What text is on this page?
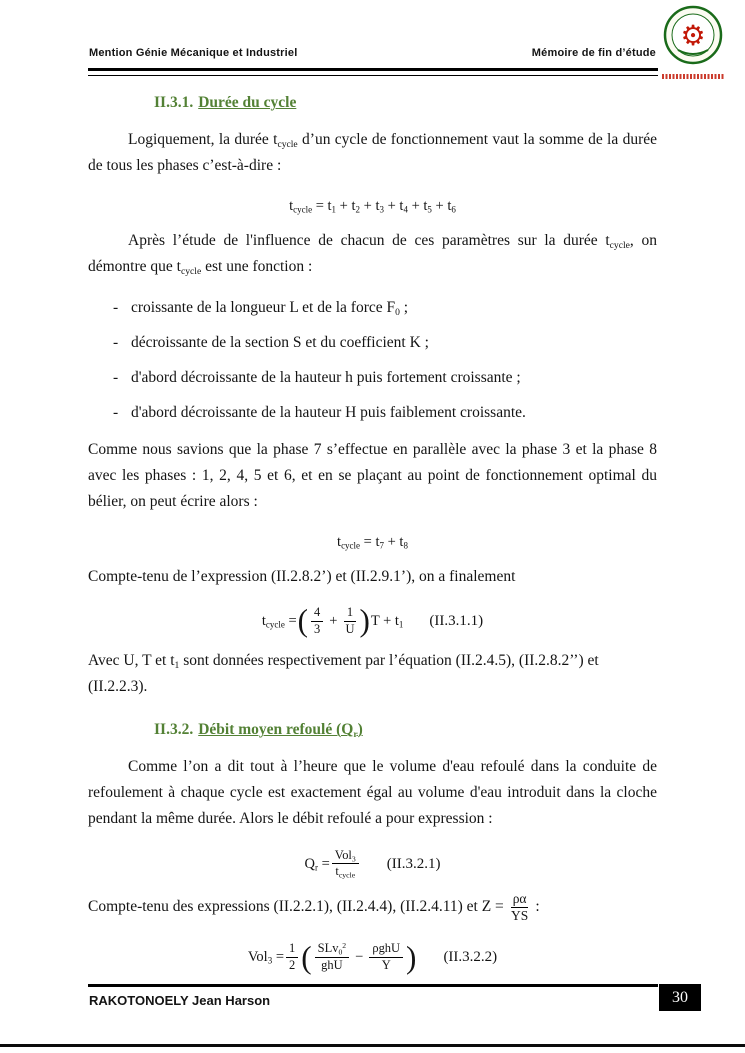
Mention Génie Mécanique et Industriel	Mémoire de fin d’étude
⚙
II.3.1. Durée du cycle

Logiquement, la durée $t_{cycle}$ d’un cycle de fonctionnement vaut la somme de la durée de tous les phases c’est-à-dire :

$t_{cycle} = t_1 + t_2 + t_3 + t_4 + t_5 + t_6$

Après l’étude de l'influence de chacun de ces paramètres sur la durée $t_{cycle}$, on démontre que $t_{cycle}$ est une fonction :

- croissante de la longueur L et de la force $F_0$ ;
- décroissante de la section S et du coefficient K ;
- d'abord décroissante de la hauteur h puis fortement croissante ;
- d'abord décroissante de la hauteur H puis faiblement croissante.

Comme nous savions que la phase 7 s’effectue en parallèle avec la phase 3 et la phase 8 avec les phases : 1, 2, 4, 5 et 6, et en se plaçant au point de fonctionnement optimal du bélier, on peut écrire alors :

$t_{cycle} = t_7 + t_8$

Compte-tenu de l’expression (II.2.8.2’) et (II.2.9.1’), on a finalement

$t_{cycle}$ = ( $\frac{4}{3} + \frac{1}{U}$ ) $T + t_1$ (II.3.1.1)

Avec U, T et $t_1$ sont données respectivement par l’équation (II.2.4.5), (II.2.8.2’’) et (II.2.2.3).

II.3.2. Débit moyen refoulé $(Q_r)$

Comme l’on a dit tout à l’heure que le volume d'eau refoulé dans la conduite de refoulement à chaque cycle est exactement égal au volume d'eau introduit dans la cloche pendant la même durée. Alors le débit refoulé a pour expression :

$Q_r = \frac{Vol_3}{t_{cycle}} (II.3.2.1)$

Compte-tenu des expressions (II.2.2.1), (II.2.4.4), (II.2.4.11) et $Z = \frac{\rho\alpha}{YS}$ :

$Vol_3 = \frac{1}{2}$ ( $\frac{SLv_0^2}{\text{ghU}} - \frac{\text{ρghU}}{Y}$ ) (II.3.2.2)
RAKOTONOELY Jean Harson	30
